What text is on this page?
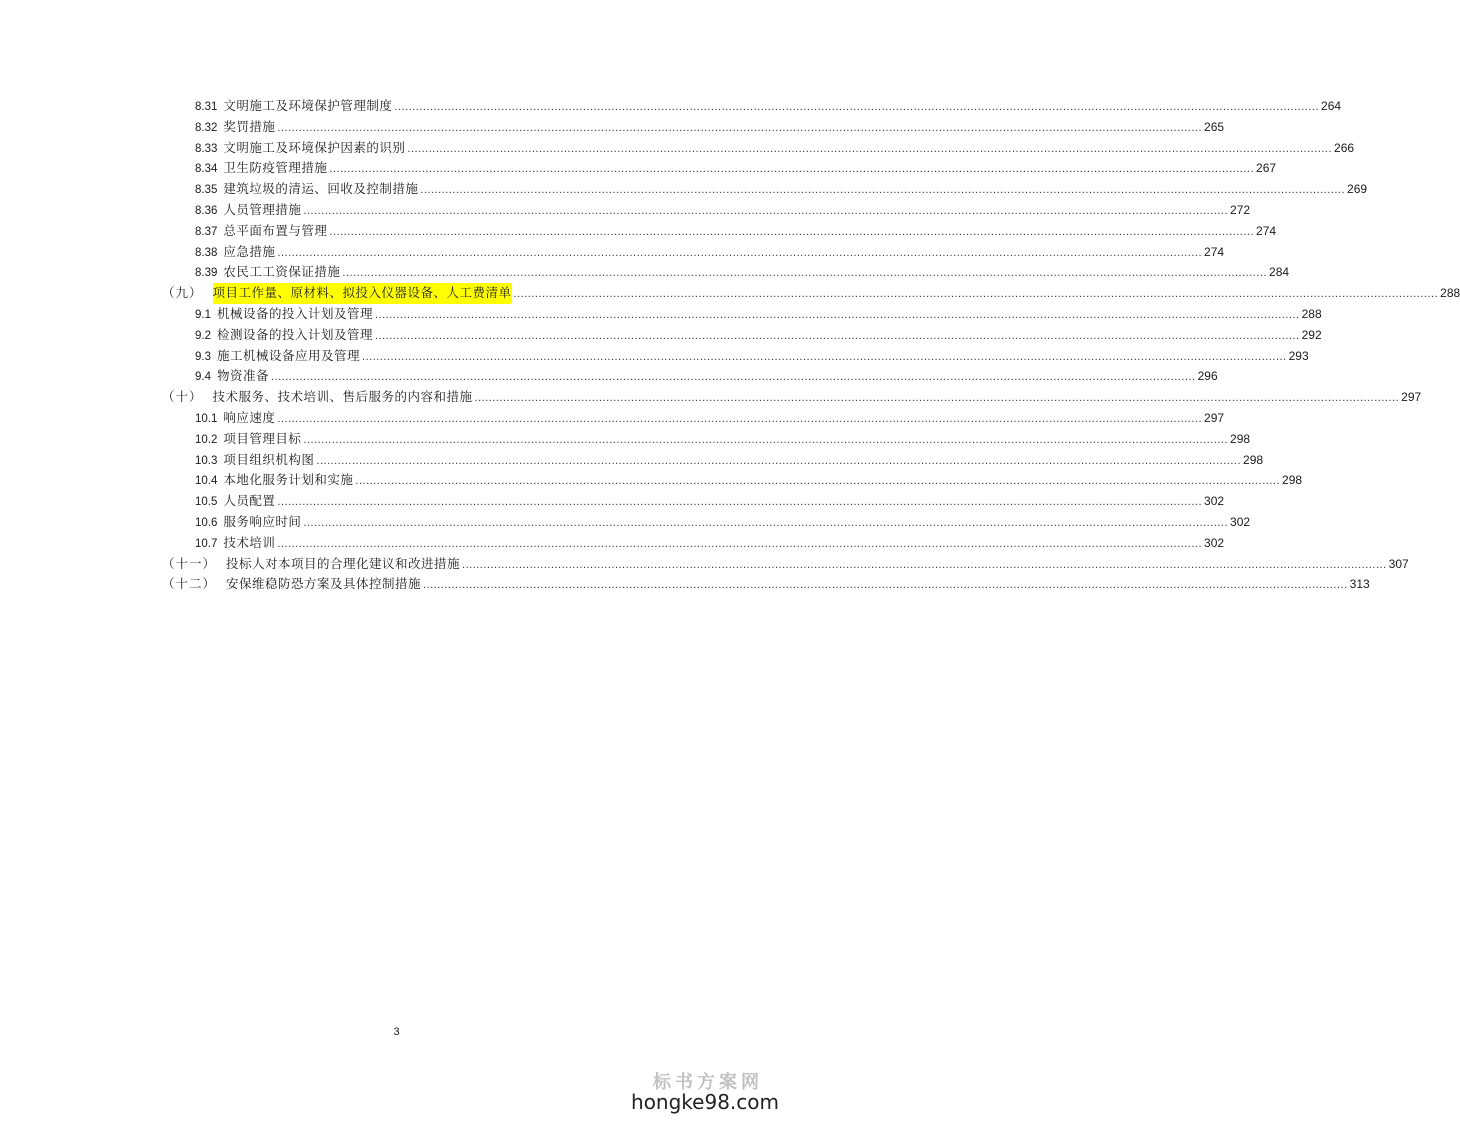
8.31 文明施工及环境保护管理制度 .................................................................................................................................................................................................................................................................... 264
8.32 奖罚措施 .................................................................................................................................................................................................................................................................... 265
8.33 文明施工及环境保护因素的识别 .................................................................................................................................................................................................................................................................... 266
8.34 卫生防疫管理措施 .................................................................................................................................................................................................................................................................... 267
8.35 建筑垃圾的清运、回收及控制措施 .................................................................................................................................................................................................................................................................... 269
8.36 人员管理措施 .................................................................................................................................................................................................................................................................... 272
8.37 总平面布置与管理 .................................................................................................................................................................................................................................................................... 274
8.38 应急措施 .................................................................................................................................................................................................................................................................... 274
8.39 农民工工资保证措施 .................................................................................................................................................................................................................................................................... 284
（九） 项目工作量、原材料、拟投入仪器设备、人工费清单 .................................................................................................................................................................................................................................................................... 288
9.1 机械设备的投入计划及管理 .................................................................................................................................................................................................................................................................... 288
9.2 检测设备的投入计划及管理 .................................................................................................................................................................................................................................................................... 292
9.3 施工机械设备应用及管理 .................................................................................................................................................................................................................................................................... 293
9.4 物资准备 .................................................................................................................................................................................................................................................................... 296
（十） 技术服务、技术培训、售后服务的内容和措施 .................................................................................................................................................................................................................................................................... 297
10.1 响应速度 .................................................................................................................................................................................................................................................................... 297
10.2 项目管理目标 .................................................................................................................................................................................................................................................................... 298
10.3 项目组织机构图 .................................................................................................................................................................................................................................................................... 298
10.4 本地化服务计划和实施 .................................................................................................................................................................................................................................................................... 298
10.5 人员配置 .................................................................................................................................................................................................................................................................... 302
10.6 服务响应时间 .................................................................................................................................................................................................................................................................... 302
10.7 技术培训 .................................................................................................................................................................................................................................................................... 302
（十一） 投标人对本项目的合理化建议和改进措施 .................................................................................................................................................................................................................................................................... 307
（十二） 安保维稳防恐方案及具体控制措施 .................................................................................................................................................................................................................................................................... 313
3
标书方案网
hongke98.com
